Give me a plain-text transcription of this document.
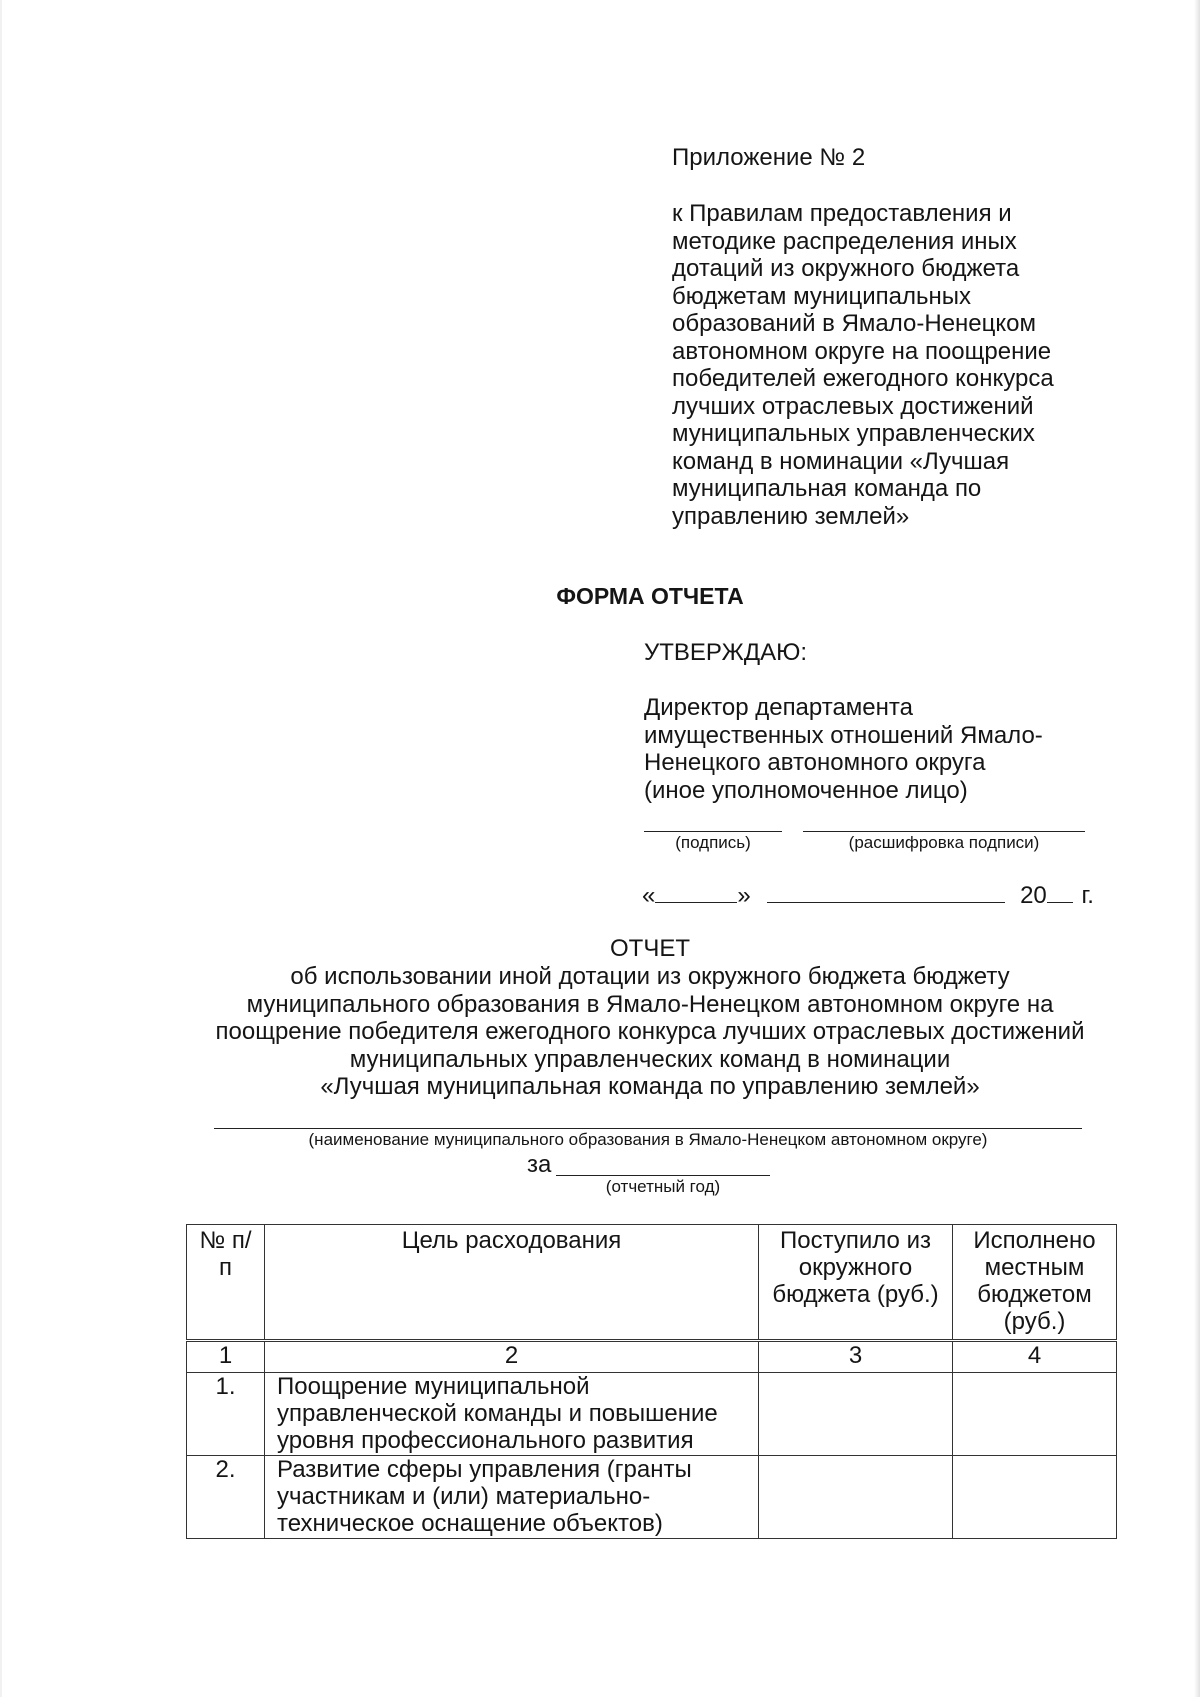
Приложение № 2
к Правилам предоставления и
методике распределения иных
дотаций из окружного бюджета
бюджетам муниципальных
образований в Ямало-Ненецком
автономном округе на поощрение
победителей ежегодного конкурса
лучших отраслевых достижений
муниципальных управленческих
команд в номинации «Лучшая
муниципальная команда по
управлению землей»
ФОРМА ОТЧЕТА
УТВЕРЖДАЮ:
Директор департамента
имущественных отношений Ямало-
Ненецкого автономного округа
(иное уполномоченное лицо)
(подпись)	(расшифровка подписи)
«	»	20 г.
ОТЧЕТ
об использовании иной дотации из окружного бюджета бюджету
муниципального образования в Ямало-Ненецком автономном округе на
поощрение победителя ежегодного конкурса лучших отраслевых достижений
муниципальных управленческих команд в номинации
«Лучшая муниципальная команда по управлению землей»
(наименование муниципального образования в Ямало-Ненецком автономном округе)
за
(отчетный год)
№ п/п	Цель расходования	Поступило из окружного бюджета (руб.)	Исполнено местным бюджетом (руб.)
1	2	3	4
1.	Поощрение муниципальной управленческой команды и повышение уровня профессионального развития		
2.	Развитие сферы управления (гранты участникам и (или) материально-техническое оснащение объектов)		
